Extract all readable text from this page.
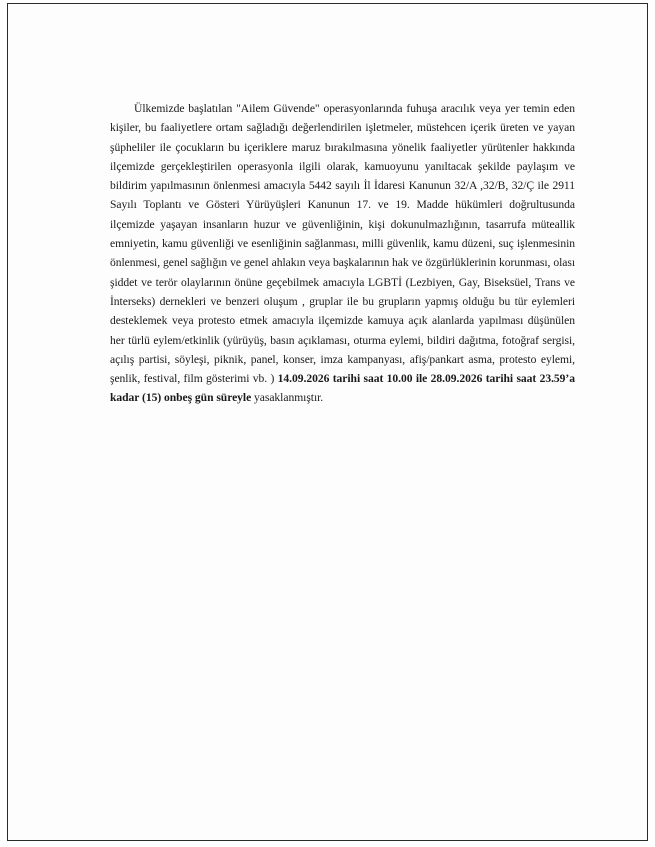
Ülkemizde başlatılan "Ailem Güvende" operasyonlarında fuhuşa aracılık veya yer temin eden kişiler, bu faaliyetlere ortam sağladığı değerlendirilen işletmeler, müstehcen içerik üreten ve yayan şüpheliler ile çocukların bu içeriklere maruz bırakılmasına yönelik faaliyetler yürütenler hakkında ilçemizde gerçekleştirilen operasyonla ilgili olarak, kamuoyunu yanıltacak şekilde paylaşım ve bildirim yapılmasının önlenmesi amacıyla 5442 sayılı İl İdaresi Kanunun 32/A ,32/B, 32/Ç ile 2911 Sayılı Toplantı ve Gösteri Yürüyüşleri Kanunun 17. ve 19. Madde hükümleri doğrultusunda ilçemizde yaşayan insanların huzur ve güvenliğinin, kişi dokunulmazlığının, tasarrufa müteallik emniyetin, kamu güvenliği ve esenliğinin sağlanması, milli güvenlik, kamu düzeni, suç işlenmesinin önlenmesi, genel sağlığın ve genel ahlakın veya başkalarının hak ve özgürlüklerinin korunması, olası şiddet ve terör olaylarının önüne geçebilmek amacıyla LGBTİ (Lezbiyen, Gay, Biseksüel, Trans ve İnterseks) dernekleri ve benzeri oluşum , gruplar ile bu grupların yapmış olduğu bu tür eylemleri desteklemek veya protesto etmek amacıyla ilçemizde kamuya açık alanlarda yapılması düşünülen her türlü eylem/etkinlik (yürüyüş, basın açıklaması, oturma eylemi, bildiri dağıtma, fotoğraf sergisi, açılış partisi, söyleşi, piknik, panel, konser, imza kampanyası, afiş/pankart asma, protesto eylemi, şenlik, festival, film gösterimi vb. ) 14.09.2026 tarihi saat 10.00 ile 28.09.2026 tarihi saat 23.59’a kadar (15) onbeş gün süreyle yasaklanmıştır.
